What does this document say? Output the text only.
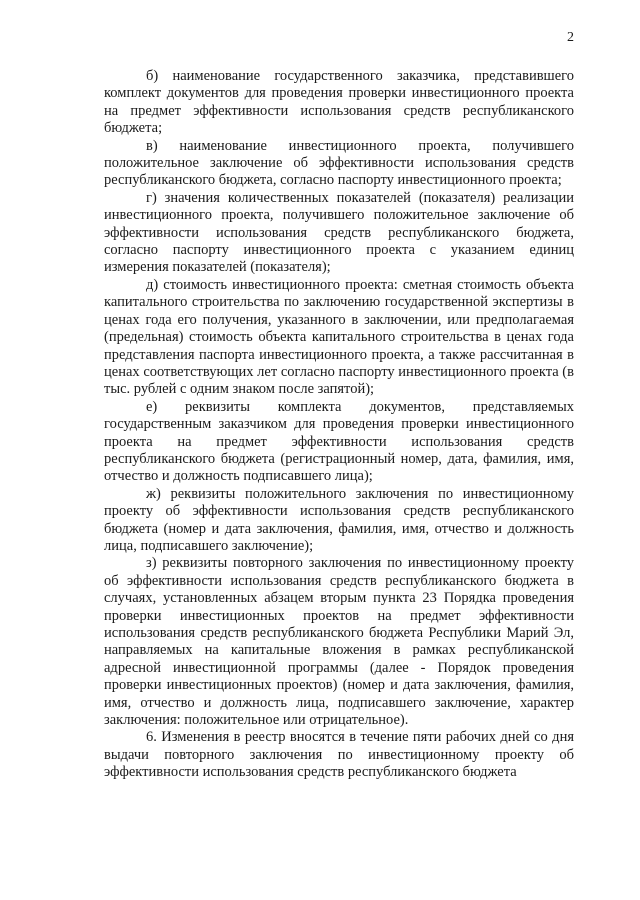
2

б) наименование государственного заказчика, представившего комплект документов для проведения проверки инвестиционного проекта на предмет эффективности использования средств республиканского бюджета;

в) наименование инвестиционного проекта, получившего положительное заключение об эффективности использования средств республиканского бюджета, согласно паспорту инвестиционного проекта;

г) значения количественных показателей (показателя) реализации инвестиционного проекта, получившего положительное заключение об эффективности использования средств республиканского бюджета, согласно паспорту инвестиционного проекта с указанием единиц измерения показателей (показателя);

д) стоимость инвестиционного проекта: сметная стоимость объекта капитального строительства по заключению государственной экспертизы в ценах года его получения, указанного в заключении, или предполагаемая (предельная) стоимость объекта капитального строительства в ценах года представления паспорта инвестиционного проекта, а также рассчитанная в ценах соответствующих лет согласно паспорту инвестиционного проекта (в тыс. рублей с одним знаком после запятой);

е) реквизиты комплекта документов, представляемых государственным заказчиком для проведения проверки инвестиционного проекта на предмет эффективности использования средств республиканского бюджета (регистрационный номер, дата, фамилия, имя, отчество и должность подписавшего лица);

ж) реквизиты положительного заключения по инвестиционному проекту об эффективности использования средств республиканского бюджета (номер и дата заключения, фамилия, имя, отчество и должность лица, подписавшего заключение);

з) реквизиты повторного заключения по инвестиционному проекту об эффективности использования средств республиканского бюджета в случаях, установленных абзацем вторым пункта 23 Порядка проведения проверки инвестиционных проектов на предмет эффективности использования средств республиканского бюджета Республики Марий Эл, направляемых на капитальные вложения в рамках республиканской адресной инвестиционной программы (далее - Порядок проведения проверки инвестиционных проектов) (номер и дата заключения, фамилия, имя, отчество и должность лица, подписавшего заключение, характер заключения: положительное или отрицательное).

6. Изменения в реестр вносятся в течение пяти рабочих дней со дня выдачи повторного заключения по инвестиционному проекту об эффективности использования средств республиканского бюджета
